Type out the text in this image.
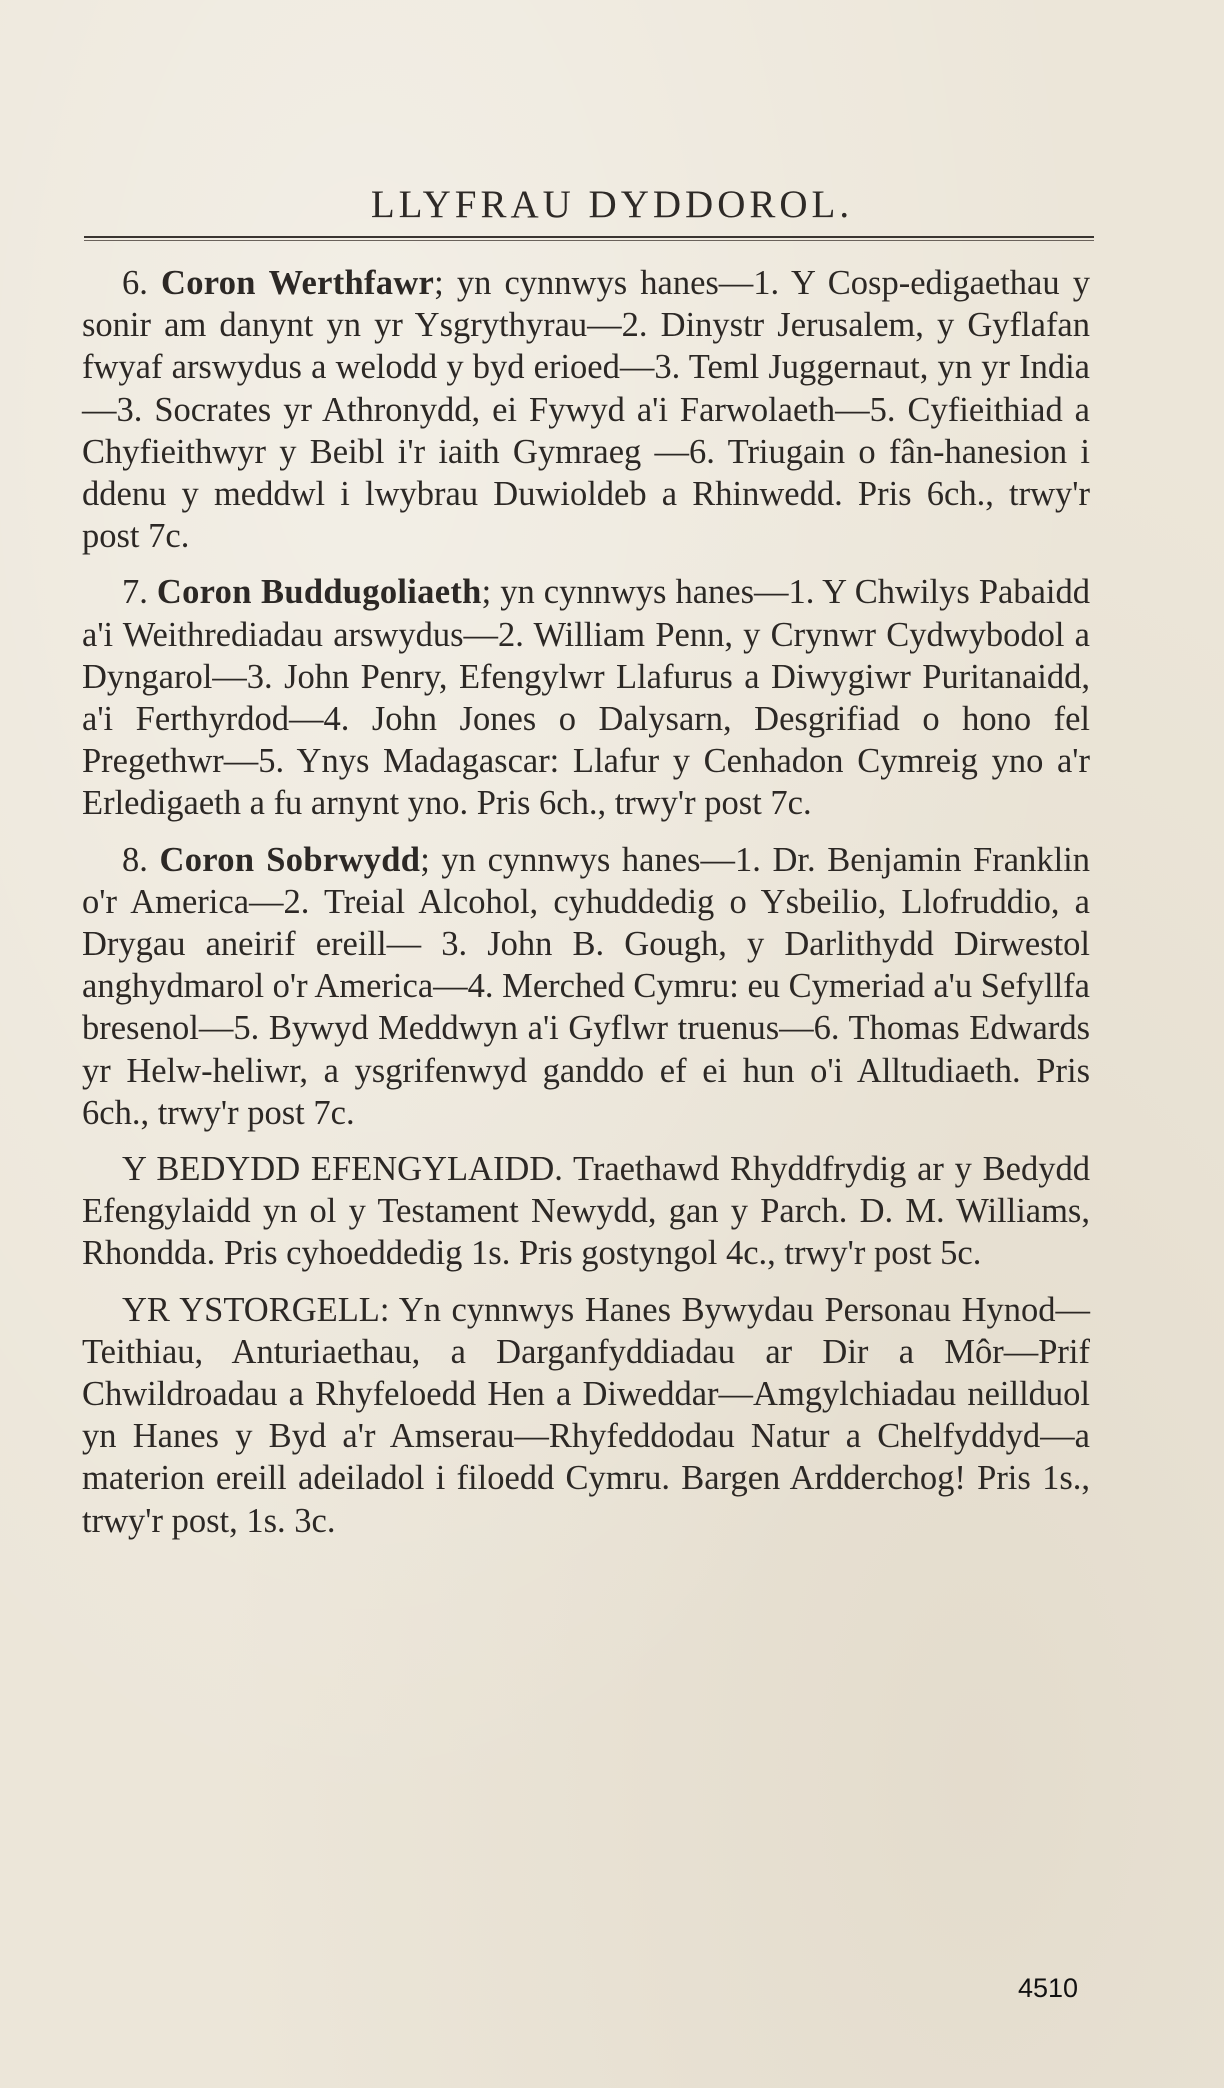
LLYFRAU DYDDOROL.

6. Coron Werthfawr; yn cynnwys hanes—1. Y Cosp-edigaethau y sonir am danynt yn yr Ysgrythyrau—2. Dinystr Jerusalem, y Gyflafan fwyaf arswydus a welodd y byd erioed—3. Teml Juggernaut, yn yr India—3. Socrates yr Athronydd, ei Fywyd a'i Farwolaeth—5. Cyfieithiad a Chyfieithwyr y Beibl i'r iaith Gymraeg —6. Triugain o fân-hanesion i ddenu y meddwl i lwybrau Duwioldeb a Rhinwedd. Pris 6ch., trwy'r post 7c.

7. Coron Buddugoliaeth; yn cynnwys hanes—1. Y Chwilys Pabaidd a'i Weithrediadau arswydus—2. William Penn, y Crynwr Cydwybodol a Dyngarol—3. John Penry, Efengylwr Llafurus a Diwygiwr Puritanaidd, a'i Ferthyrdod—4. John Jones o Dalysarn, Desgrifiad o hono fel Pregethwr—5. Ynys Madagascar: Llafur y Cenhadon Cymreig yno a'r Erledigaeth a fu arnynt yno. Pris 6ch., trwy'r post 7c.

8. Coron Sobrwydd; yn cynnwys hanes—1. Dr. Benjamin Franklin o'r America—2. Treial Alcohol, cyhuddedig o Ysbeilio, Llofruddio, a Drygau aneirif ereill— 3. John B. Gough, y Darlithydd Dirwestol anghydmarol o'r America—4. Merched Cymru: eu Cymeriad a'u Sefyllfa bresenol—5. Bywyd Meddwyn a'i Gyflwr truenus—6. Thomas Edwards yr Helw-heliwr, a ysgrifenwyd ganddo ef ei hun o'i Alltudiaeth. Pris 6ch., trwy'r post 7c.

Y BEDYDD EFENGYLAIDD. Traethawd Rhyddfrydig ar y Bedydd Efengylaidd yn ol y Testament Newydd, gan y Parch. D. M. Williams, Rhondda. Pris cyhoeddedig 1s. Pris gostyngol 4c., trwy'r post 5c.

YR YSTORGELL: Yn cynnwys Hanes Bywydau Personau Hynod—Teithiau, Anturiaethau, a Darganfyddiadau ar Dir a Môr—Prif Chwildroadau a Rhyfeloedd Hen a Diweddar—Amgylchiadau neillduol yn Hanes y Byd a'r Amserau—Rhyfeddodau Natur a Chelfyddyd—a materion ereill adeiladol i filoedd Cymru. Bargen Ardderchog! Pris 1s., trwy'r post, 1s. 3c.

4510
